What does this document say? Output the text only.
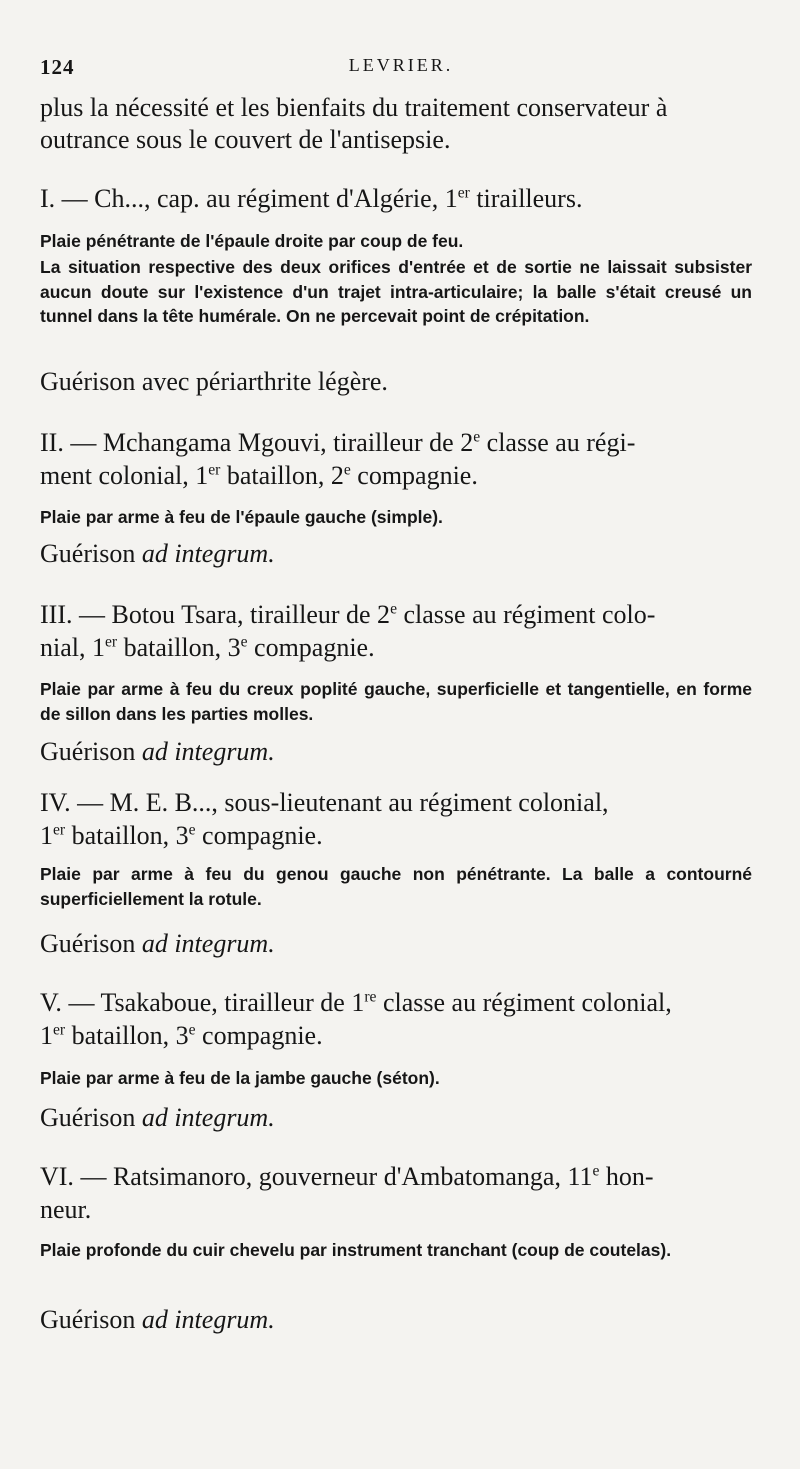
124	LEVRIER.

plus la nécessité et les bienfaits du traitement conservateur à
outrance sous le couvert de l'antisepsie.

I. — Ch..., cap. au régiment d'Algérie, 1er tirailleurs.

Plaie pénétrante de l'épaule droite par coup de feu.

La situation respective des deux orifices d'entrée et de sortie ne laissait subsister aucun doute sur l'existence d'un trajet intra-articulaire; la balle s'était creusé un tunnel dans la tête humérale. On ne percevait point de crépitation.

Guérison avec périarthrite légère.

II. — Mchangama Mgouvi, tirailleur de 2e classe au régi-
ment colonial, 1er bataillon, 2e compagnie.

Plaie par arme à feu de l'épaule gauche (simple).

Guérison ad integrum.

III. — Botou Tsara, tirailleur de 2e classe au régiment colo-
nial, 1er bataillon, 3e compagnie.

Plaie par arme à feu du creux poplité gauche, superficielle et tangentielle, en forme de sillon dans les parties molles.

Guérison ad integrum.

IV. — M. E. B..., sous-lieutenant au régiment colonial,
1er bataillon, 3e compagnie.

Plaie par arme à feu du genou gauche non pénétrante. La balle a contourné superficiellement la rotule.

Guérison ad integrum.

V. — Tsakaboue, tirailleur de 1re classe au régiment colonial,
1er bataillon, 3e compagnie.

Plaie par arme à feu de la jambe gauche (séton).

Guérison ad integrum.

VI. — Ratsimanoro, gouverneur d'Ambatomanga, 11e hon-
neur.

Plaie profonde du cuir chevelu par instrument tranchant (coup de coutelas).

Guérison ad integrum.
